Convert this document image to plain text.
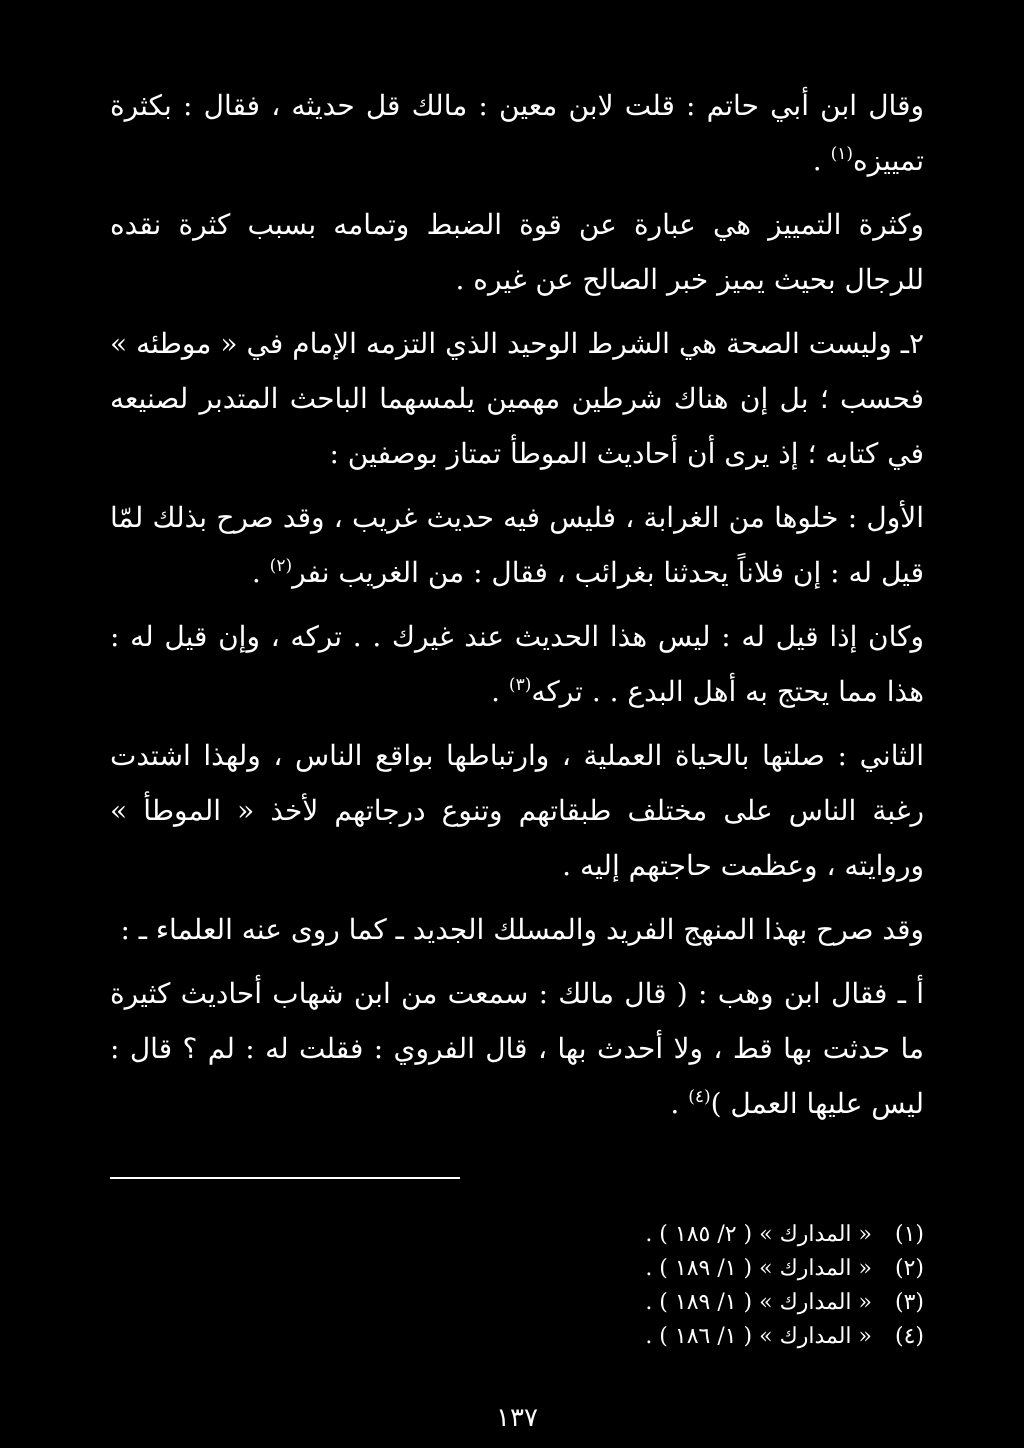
وقال ابن أبي حاتم : قلت لابن معين : مالك قل حديثه ، فقال : بكثرة تمييزه$^{(١)}$ .

وكثرة التمييز هي عبارة عن قوة الضبط وتمامه بسبب كثرة نقده للرجال بحيث يميز خبر الصالح عن غيره .

٢ـ وليست الصحة هي الشرط الوحيد الذي التزمه الإمام في « موطئه » فحسب ؛ بل إن هناك شرطين مهمين يلمسهما الباحث المتدبر لصنيعه في كتابه ؛ إذ يرى أن أحاديث الموطأ تمتاز بوصفين :

الأول : خلوها من الغرابة ، فليس فيه حديث غريب ، وقد صرح بذلك لمّا قيل له : إن فلاناً يحدثنا بغرائب ، فقال : من الغريب نفر$^{(٢)}$ .

وكان إذا قيل له : ليس هذا الحديث عند غيرك . . تركه ، وإن قيل له : هذا مما يحتج به أهل البدع . . تركه$^{(٣)}$ .

الثاني : صلتها بالحياة العملية ، وارتباطها بواقع الناس ، ولهذا اشتدت رغبة الناس على مختلف طبقاتهم وتنوع درجاتهم لأخذ « الموطأ » وروايته ، وعظمت حاجتهم إليه .

وقد صرح بهذا المنهج الفريد والمسلك الجديد ـ كما روى عنه العلماء ـ :

أ ـ فقال ابن وهب : ( قال مالك : سمعت من ابن شهاب أحاديث كثيرة ما حدثت بها قط ، ولا أحدث بها ، قال الفروي : فقلت له : لم ؟ قال : ليس عليها العمل )$^{(٤)}$ .

(١)« المدارك » ( ٢/ ١٨٥ ) .
(٢)« المدارك » ( ١/ ١٨٩ ) .
(٣)« المدارك » ( ١/ ١٨٩ ) .
(٤)« المدارك » ( ١/ ١٨٦ ) .
١٣٧
